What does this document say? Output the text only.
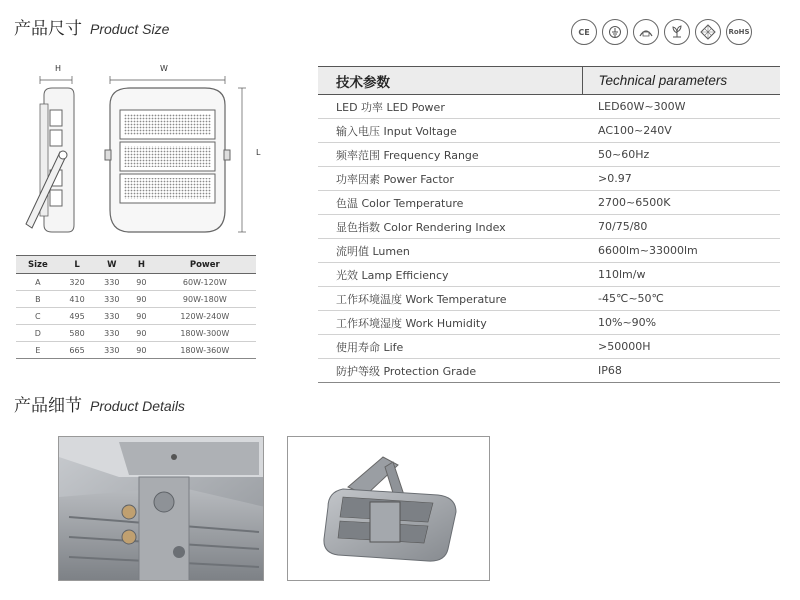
产品尺寸 Product Size	CE	RoHS
H	W
L
Size	L	W	H	Power
A	320	330	90	60W-120W
B	410	330	90	90W-180W
C	495	330	90	120W-240W
D	580	330	90	180W-300W
E	665	330	90	180W-360W
技术参数	Technical parameters
LED 功率 LED Power	LED60W~300W
输入电压 Input Voltage	AC100~240V
频率范围 Frequency Range	50~60Hz
功率因素 Power Factor	>0.97
色温 Color Temperature	2700~6500K
显色指数 Color Rendering Index	70/75/80
流明值 Lumen	6600lm~33000lm
光效 Lamp Efficiency	110lm/w
工作环境温度 Work Temperature	-45℃~50℃
工作环境湿度 Work Humidity	10%~90%
使用寿命 Life	>50000H
防护等级 Protection Grade	IP68
产品细节 Product Details
